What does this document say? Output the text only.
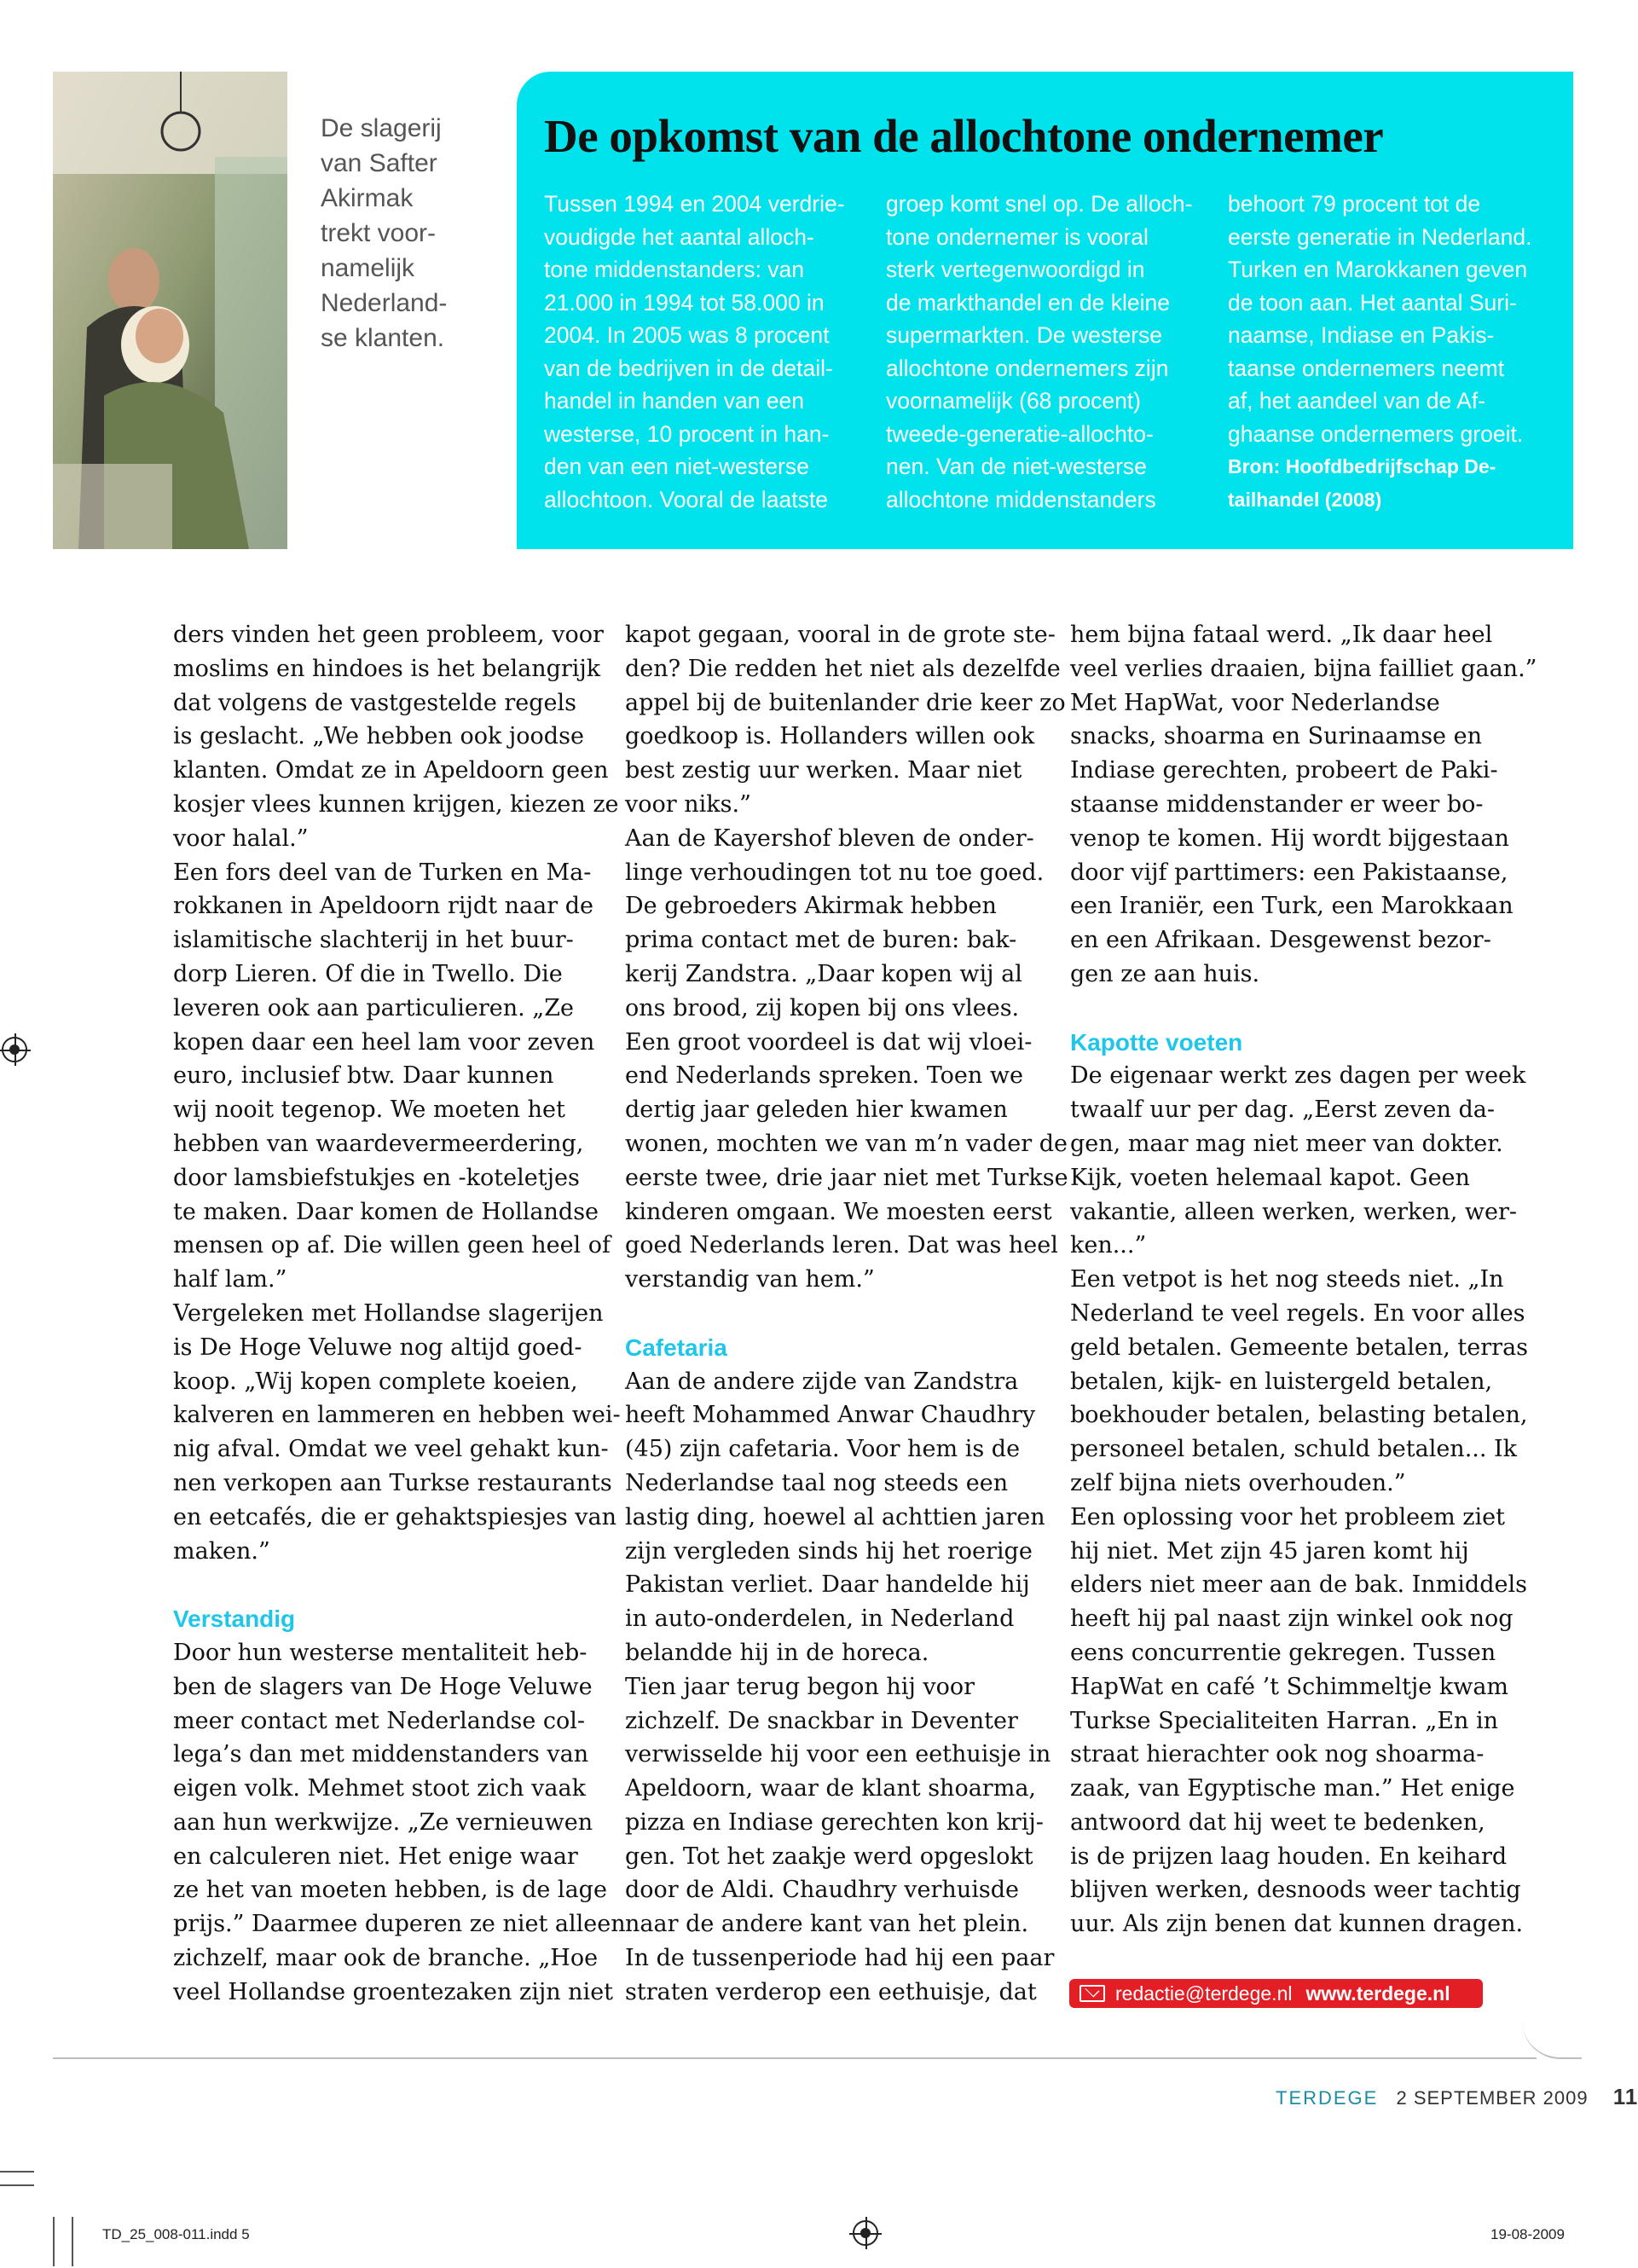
De slagerij
van Safter
Akirmak
trekt voor-
namelijk
Nederland-
se klanten.
De opkomst van de allochtone ondernemer
Tussen 1994 en 2004 verdrie-
voudigde het aantal alloch-
tone middenstanders: van
21.000 in 1994 tot 58.000 in
2004. In 2005 was 8 procent
van de bedrijven in de detail-
handel in handen van een
westerse, 10 procent in han-
den van een niet-westerse
allochtoon. Vooral de laatste
groep komt snel op. De alloch-
tone ondernemer is vooral
sterk vertegenwoordigd in
de markthandel en de kleine
supermarkten. De westerse
allochtone ondernemers zijn
voornamelijk (68 procent)
tweede-generatie-allochto-
nen. Van de niet-westerse
allochtone middenstanders
behoort 79 procent tot de
eerste generatie in Nederland.
Turken en Marokkanen geven
de toon aan. Het aantal Suri-
naamse, Indiase en Pakis-
taanse ondernemers neemt
af, het aandeel van de Af-
ghaanse ondernemers groeit.
Bron: Hoofdbedrijfschap De-
tailhandel (2008)
ders vinden het geen probleem, voor
moslims en hindoes is het belangrijk
dat volgens de vastgestelde regels
is geslacht. „We hebben ook joodse
klanten. Omdat ze in Apeldoorn geen
kosjer vlees kunnen krijgen, kiezen ze
voor halal.”
Een fors deel van de Turken en Ma-
rokkanen in Apeldoorn rijdt naar de
islamitische slachterij in het buur-
dorp Lieren. Of die in Twello. Die
leveren ook aan particulieren. „Ze
kopen daar een heel lam voor zeven
euro, inclusief btw. Daar kunnen
wij nooit tegenop. We moeten het
hebben van waardevermeerdering,
door lamsbiefstukjes en -koteletjes
te maken. Daar komen de Hollandse
mensen op af. Die willen geen heel of
half lam.”
Vergeleken met Hollandse slagerijen
is De Hoge Veluwe nog altijd goed-
koop. „Wij kopen complete koeien,
kalveren en lammeren en hebben wei-
nig afval. Omdat we veel gehakt kun-
nen verkopen aan Turkse restaurants
en eetcafés, die er gehaktspiesjes van
maken.”
Verstandig
Door hun westerse mentaliteit heb-
ben de slagers van De Hoge Veluwe
meer contact met Nederlandse col-
lega’s dan met middenstanders van
eigen volk. Mehmet stoot zich vaak
aan hun werkwijze. „Ze vernieuwen
en calculeren niet. Het enige waar
ze het van moeten hebben, is de lage
prijs.” Daarmee duperen ze niet alleen
zichzelf, maar ook de branche. „Hoe
veel Hollandse groentezaken zijn niet
kapot gegaan, vooral in de grote ste-
den? Die redden het niet als dezelfde
appel bij de buitenlander drie keer zo
goedkoop is. Hollanders willen ook
best zestig uur werken. Maar niet
voor niks.”
Aan de Kayershof bleven de onder-
linge verhoudingen tot nu toe goed.
De gebroeders Akirmak hebben
prima contact met de buren: bak-
kerij Zandstra. „Daar kopen wij al
ons brood, zij kopen bij ons vlees.
Een groot voordeel is dat wij vloei-
end Nederlands spreken. Toen we
dertig jaar geleden hier kwamen
wonen, mochten we van m’n vader de
eerste twee, drie jaar niet met Turkse
kinderen omgaan. We moesten eerst
goed Nederlands leren. Dat was heel
verstandig van hem.”
Cafetaria
Aan de andere zijde van Zandstra
heeft Mohammed Anwar Chaudhry
(45) zijn cafetaria. Voor hem is de
Nederlandse taal nog steeds een
lastig ding, hoewel al achttien jaren
zijn vergleden sinds hij het roerige
Pakistan verliet. Daar handelde hij
in auto-onderdelen, in Nederland
belandde hij in de horeca.
Tien jaar terug begon hij voor
zichzelf. De snackbar in Deventer
verwisselde hij voor een eethuisje in
Apeldoorn, waar de klant shoarma,
pizza en Indiase gerechten kon krij-
gen. Tot het zaakje werd opgeslokt
door de Aldi. Chaudhry verhuisde
naar de andere kant van het plein.
In de tussenperiode had hij een paar
straten verderop een eethuisje, dat
hem bijna fataal werd. „Ik daar heel
veel verlies draaien, bijna failliet gaan.”
Met HapWat, voor Nederlandse
snacks, shoarma en Surinaamse en
Indiase gerechten, probeert de Paki-
staanse middenstander er weer bo-
venop te komen. Hij wordt bijgestaan
door vijf parttimers: een Pakistaanse,
een Iraniër, een Turk, een Marokkaan
en een Afrikaan. Desgewenst bezor-
gen ze aan huis.
Kapotte voeten
De eigenaar werkt zes dagen per week
twaalf uur per dag. „Eerst zeven da-
gen, maar mag niet meer van dokter.
Kijk, voeten helemaal kapot. Geen
vakantie, alleen werken, werken, wer-
ken...”
Een vetpot is het nog steeds niet. „In
Nederland te veel regels. En voor alles
geld betalen. Gemeente betalen, terras
betalen, kijk- en luistergeld betalen,
boekhouder betalen, belasting betalen,
personeel betalen, schuld betalen... Ik
zelf bijna niets overhouden.”
Een oplossing voor het probleem ziet
hij niet. Met zijn 45 jaren komt hij
elders niet meer aan de bak. Inmiddels
heeft hij pal naast zijn winkel ook nog
eens concurrentie gekregen. Tussen
HapWat en café ’t Schimmeltje kwam
Turkse Specialiteiten Harran. „En in
straat hierachter ook nog shoarma-
zaak, van Egyptische man.” Het enige
antwoord dat hij weet te bedenken,
is de prijzen laag houden. En keihard
blijven werken, desnoods weer tachtig
uur. Als zijn benen dat kunnen dragen.
redactie@terdege.nl www.terdege.nl
TERDEGE 2 SEPTEMBER 2009 11
TD_25_008-011.indd 5	19-08-2009
